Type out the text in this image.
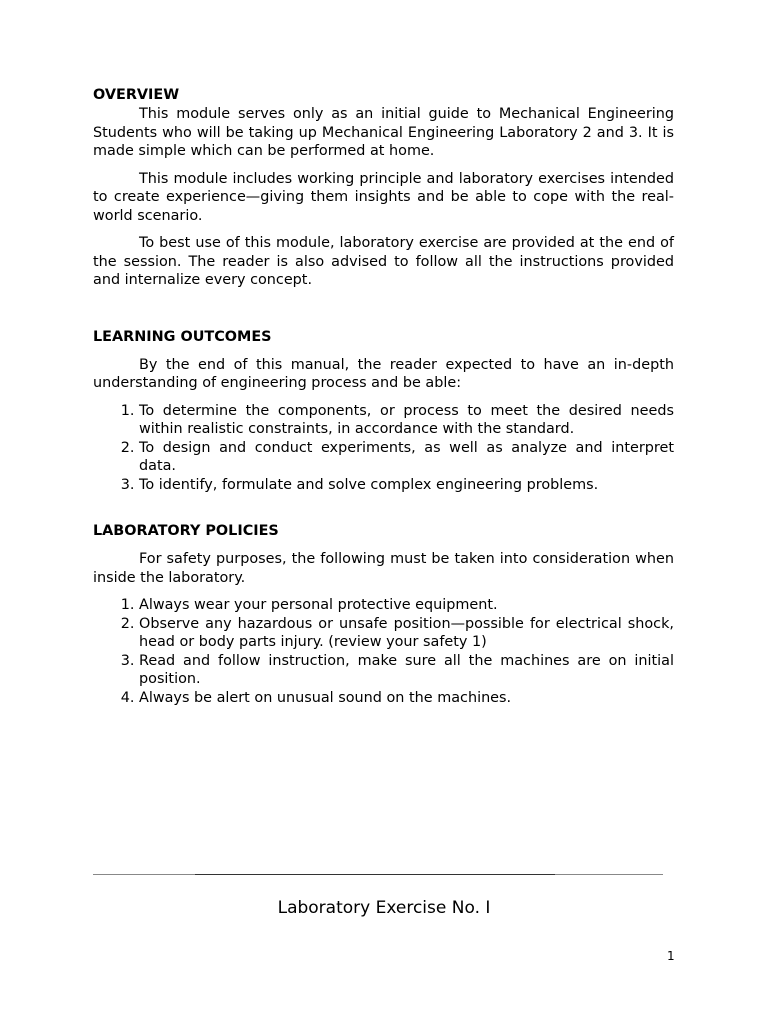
OVERVIEW

This module serves only as an initial guide to Mechanical Engineering Students who will be taking up Mechanical Engineering Laboratory 2 and 3. It is made simple which can be performed at home.

This module includes working principle and laboratory exercises intended to create experience—giving them insights and be able to cope with the real-world scenario.

To best use of this module, laboratory exercise are provided at the end of the session. The reader is also advised to follow all the instructions provided and internalize every concept.

LEARNING OUTCOMES

By the end of this manual, the reader expected to have an in-depth understanding of engineering process and be able:

1. To determine the components, or process to meet the desired needs within realistic constraints, in accordance with the standard.
2. To design and conduct experiments, as well as analyze and interpret data.
3. To identify, formulate and solve complex engineering problems.
LABORATORY POLICIES

For safety purposes, the following must be taken into consideration when inside the laboratory.

1. Always wear your personal protective equipment.
2. Observe any hazardous or unsafe position—possible for electrical shock, head or body parts injury. (review your safety 1)
3. Read and follow instruction, make sure all the machines are on initial position.
4. Always be alert on unusual sound on the machines.
Laboratory Exercise No. I
1
